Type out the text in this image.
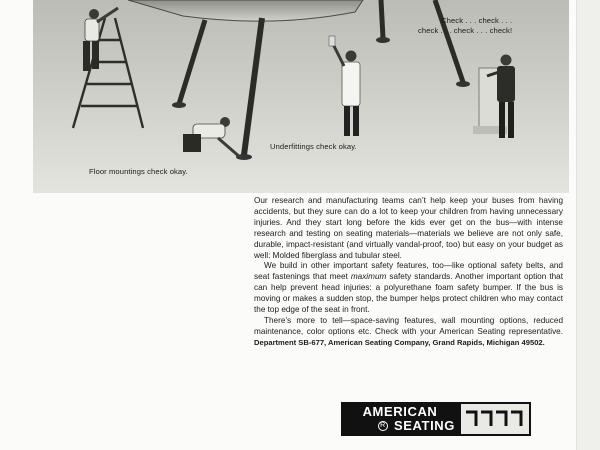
Floor mountings check okay.
Underfittings check okay.
Check . . . check . . .
check . . . check . . . check!

Our research and manufacturing teams can’t help keep your buses from having accidents, but they sure can do a lot to keep your children from having unnecessary injuries. And they start long before the kids ever get on the bus—with intense research and testing on seating materials—materials we believe are not only safe, durable, impact-resistant (and virtually vandal-proof, too) but easy on your budget as well: Molded fiberglass and tubular steel.

We build in other important safety features, too—like optional safety belts, and seat fastenings that meet maximum safety standards. Another important option that can help prevent head injuries: a polyurethane foam safety bumper. If the bus is moving or makes a sudden stop, the bumper helps protect children who may contact the top edge of the seat in front.

There’s more to tell—space-saving features, wall mounting options, reduced maintenance, color options etc. Check with your American Seating representative. Department SB-677, American Seating Company, Grand Rapids, Michigan 49502.

AMERICAN
R SEATING
